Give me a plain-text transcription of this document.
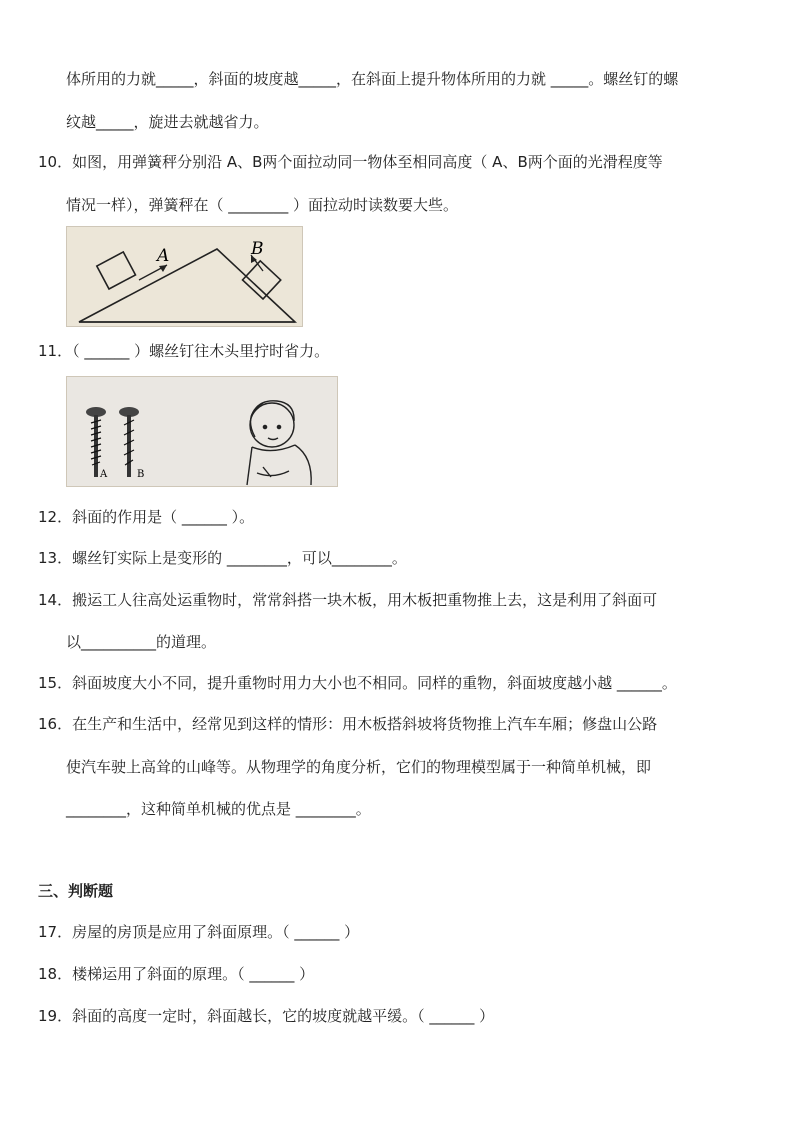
体所用的力就_____，斜面的坡度越_____，在斜面上提升物体所用的力就 _____。螺丝钉的螺
纹越_____，旋进去就越省力。
10．如图，用弹簧秤分别沿 A、B两个面拉动同一物体至相同高度（ A、B两个面的光滑程度等
情况一样），弹簧秤在（ ________ ）面拉动时读数要大些。
A	B
11．（ ______ ）螺丝钉往木头里拧时省力。
A	B
12．斜面的作用是（ ______ ）。
13．螺丝钉实际上是变形的 ________，可以________。
14．搬运工人往高处运重物时，常常斜搭一块木板，用木板把重物推上去，这是利用了斜面可
以__________的道理。
15．斜面坡度大小不同，提升重物时用力大小也不相同。同样的重物，斜面坡度越小越 ______。
16．在生产和生活中，经常见到这样的情形：用木板搭斜坡将货物推上汽车车厢；修盘山公路
使汽车驶上高耸的山峰等。从物理学的角度分析，它们的物理模型属于一种简单机械，即
________，这种简单机械的优点是 ________。
三、判断题
17．房屋的房顶是应用了斜面原理。（ ______ ）
18．楼梯运用了斜面的原理。（ ______ ）
19．斜面的高度一定时，斜面越长，它的坡度就越平缓。（ ______ ）
